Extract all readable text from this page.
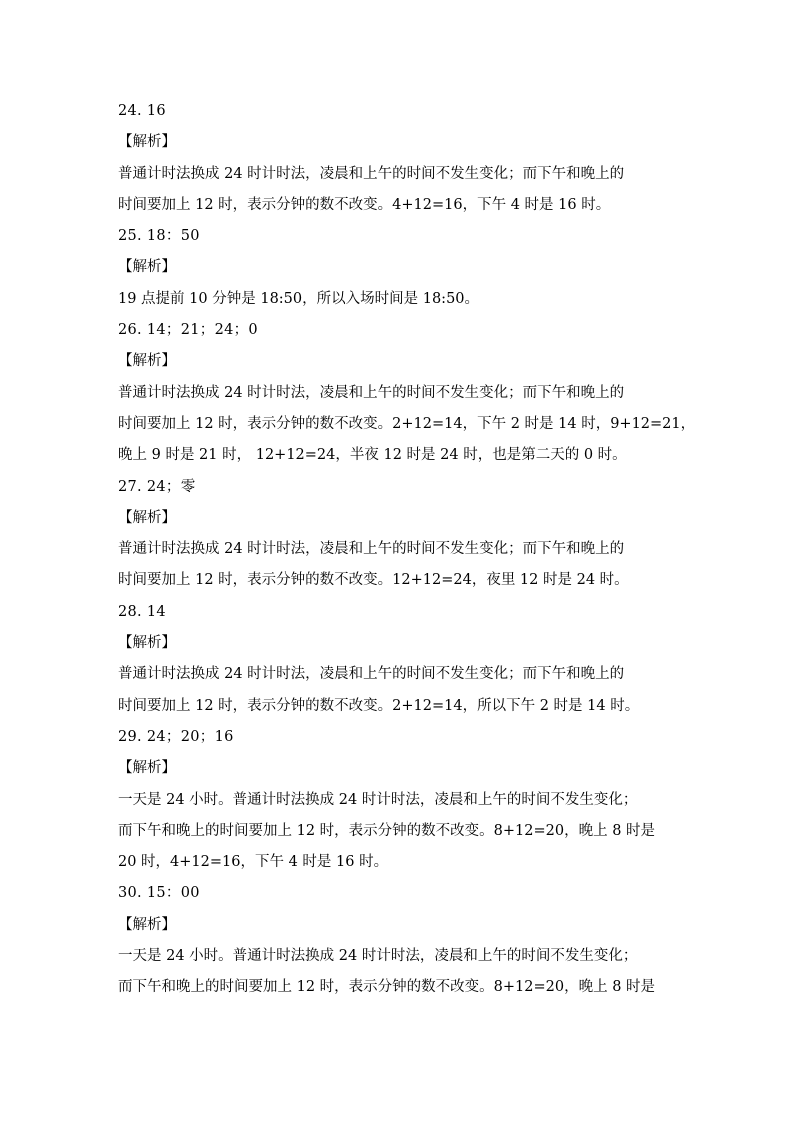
24. 16
【解析】
普通计时法换成 24 时计时法，凌晨和上午的时间不发生变化；而下午和晚上的
时间要加上 12 时，表示分钟的数不改变。4+12=16，下午 4 时是 16 时。
25. 18：50
【解析】
19 点提前 10 分钟是 18:50，所以入场时间是 18:50。
26. 14；21；24；0
【解析】
普通计时法换成 24 时计时法，凌晨和上午的时间不发生变化；而下午和晚上的
时间要加上 12 时，表示分钟的数不改变。2+12=14，下午 2 时是 14 时，9+12=21，
晚上 9 时是 21 时， 12+12=24，半夜 12 时是 24 时，也是第二天的 0 时。
27. 24；零
【解析】
普通计时法换成 24 时计时法，凌晨和上午的时间不发生变化；而下午和晚上的
时间要加上 12 时，表示分钟的数不改变。12+12=24，夜里 12 时是 24 时。
28. 14
【解析】
普通计时法换成 24 时计时法，凌晨和上午的时间不发生变化；而下午和晚上的
时间要加上 12 时，表示分钟的数不改变。2+12=14，所以下午 2 时是 14 时。
29. 24；20；16
【解析】
一天是 24 小时。普通计时法换成 24 时计时法，凌晨和上午的时间不发生变化；
而下午和晚上的时间要加上 12 时，表示分钟的数不改变。8+12=20，晚上 8 时是
20 时，4+12=16，下午 4 时是 16 时。
30. 15：00
【解析】
一天是 24 小时。普通计时法换成 24 时计时法，凌晨和上午的时间不发生变化；
而下午和晚上的时间要加上 12 时，表示分钟的数不改变。8+12=20，晚上 8 时是
